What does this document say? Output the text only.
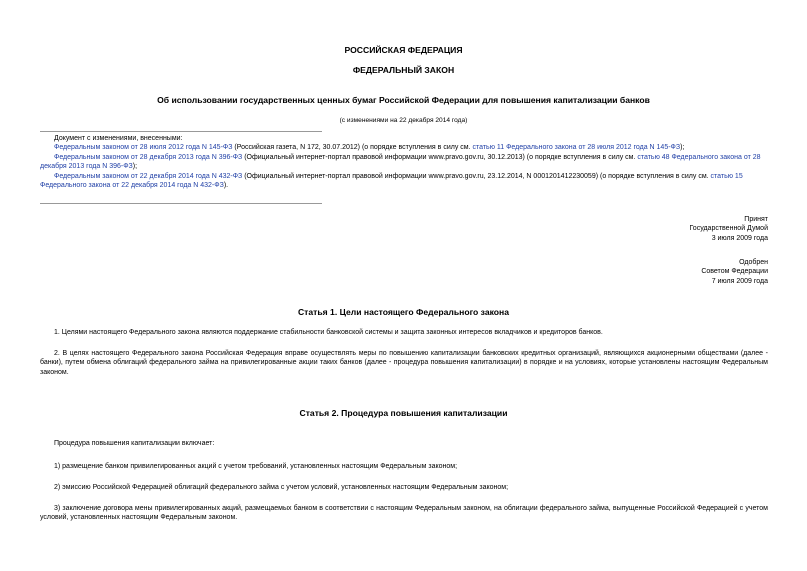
РОССИЙСКАЯ ФЕДЕРАЦИЯ
ФЕДЕРАЛЬНЫЙ ЗАКОН
Об использовании государственных ценных бумаг Российской Федерации для повышения капитализации банков
(с изменениями на 22 декабря 2014 года)
Документ с изменениями, внесенными:
Федеральным законом от 28 июля 2012 года N 145-ФЗ (Российская газета, N 172, 30.07.2012) (о порядке вступления в силу см. статью 11 Федерального закона от 28 июля 2012 года N 145-ФЗ);
Федеральным законом от 28 декабря 2013 года N 396-ФЗ (Официальный интернет-портал правовой информации www.pravo.gov.ru, 30.12.2013) (о порядке вступления в силу см. статью 48 Федерального закона от 28 декабря 2013 года N 396-ФЗ);
Федеральным законом от 22 декабря 2014 года N 432-ФЗ (Официальный интернет-портал правовой информации www.pravo.gov.ru, 23.12.2014, N 0001201412230059) (о порядке вступления в силу см. статью 15 Федерального закона от 22 декабря 2014 года N 432-ФЗ).
Принят
Государственной Думой
3 июля 2009 года
Одобрен
Советом Федерации
7 июля 2009 года
Статья 1. Цели настоящего Федерального закона
1. Целями настоящего Федерального закона являются поддержание стабильности банковской системы и защита законных интересов вкладчиков и кредиторов банков.
2. В целях настоящего Федерального закона Российская Федерация вправе осуществлять меры по повышению капитализации банковских кредитных организаций, являющихся акционерными обществами (далее - банки), путем обмена облигаций федерального займа на привилегированные акции таких банков (далее - процедура повышения капитализации) в порядке и на условиях, которые установлены настоящим Федеральным законом.
Статья 2. Процедура повышения капитализации
Процедура повышения капитализации включает:
1) размещение банком привилегированных акций с учетом требований, установленных настоящим Федеральным законом;
2) эмиссию Российской Федерацией облигаций федерального займа с учетом условий, установленных настоящим Федеральным законом;
3) заключение договора мены привилегированных акций, размещаемых банком в соответствии с настоящим Федеральным законом, на облигации федерального займа, выпущенные Российской Федерацией с учетом условий, установленных настоящим Федеральным законом.
